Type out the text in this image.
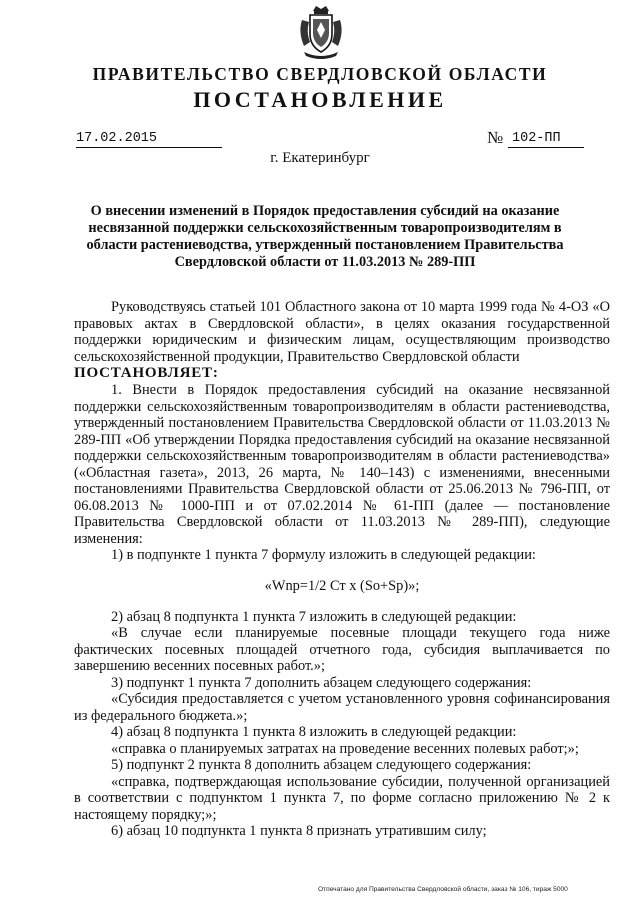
ПРАВИТЕЛЬСТВО СВЕРДЛОВСКОЙ ОБЛАСТИ
ПОСТАНОВЛЕНИЕ
17.02.2015	№ 102-ПП
г. Екатеринбург
О внесении изменений в Порядок предоставления субсидий на оказание несвязанной поддержки сельскохозяйственным товаропроизводителям в области растениеводства, утвержденный постановлением Правительства Свердловской области от 11.03.2013 № 289-ПП

Руководствуясь статьей 101 Областного закона от 10 марта 1999 года № 4-ОЗ «О правовых актах в Свердловской области», в целях оказания государственной поддержки юридическим и физическим лицам, осуществляющим производство сельскохозяйственной продукции, Правительство Свердловской области

ПОСТАНОВЛЯЕТ:

1. Внести в Порядок предоставления субсидий на оказание несвязанной поддержки сельскохозяйственным товаропроизводителям в области растениеводства, утвержденный постановлением Правительства Свердловской области от 11.03.2013 № 289-ПП «Об утверждении Порядка предоставления субсидий на оказание несвязанной поддержки сельскохозяйственным товаропроизводителям в области растениеводства» («Областная газета», 2013, 26 марта, № 140–143) с изменениями, внесенными постановлениями Правительства Свердловской области от 25.06.2013 № 796-ПП, от 06.08.2013 № 1000-ПП и от 07.02.2014 № 61-ПП (далее — постановление Правительства Свердловской области от 11.03.2013 № 289-ПП), следующие изменения:

1) в подпункте 1 пункта 7 формулу изложить в следующей редакции:

«Wnp=1/2 Ст х (So+Sp)»;

2) абзац 8 подпункта 1 пункта 7 изложить в следующей редакции:

«В случае если планируемые посевные площади текущего года ниже фактических посевных площадей отчетного года, субсидия выплачивается по завершению весенних посевных работ.»;

3) подпункт 1 пункта 7 дополнить абзацем следующего содержания:

«Субсидия предоставляется с учетом установленного уровня софинансирования из федерального бюджета.»;

4) абзац 8 подпункта 1 пункта 8 изложить в следующей редакции:

«справка о планируемых затратах на проведение весенних полевых работ;»;

5) подпункт 2 пункта 8 дополнить абзацем следующего содержания:

«справка, подтверждающая использование субсидии, полученной организацией в соответствии с подпунктом 1 пункта 7, по форме согласно приложению № 2 к настоящему порядку;»;

6) абзац 10 подпункта 1 пункта 8 признать утратившим силу;

Отпечатано для Правительства Свердловской области, заказ № 106, тираж 5000
